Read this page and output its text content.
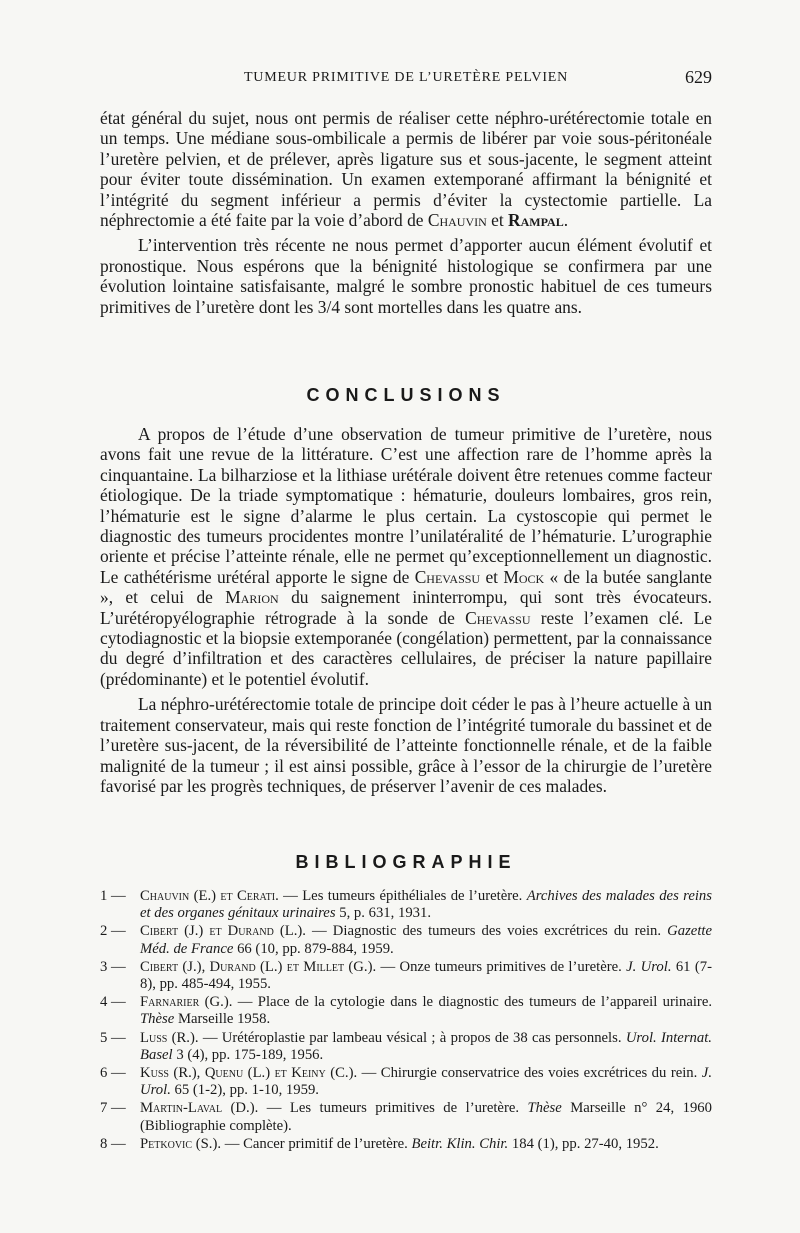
TUMEUR PRIMITIVE DE L’URETÈRE PELVIEN	629

état général du sujet, nous ont permis de réaliser cette néphro-urétérectomie totale en un temps. Une médiane sous-ombilicale a permis de libérer par voie sous-péritonéale l’uretère pelvien, et de prélever, après ligature sus et sous-jacente, le segment atteint pour éviter toute dissémination. Un examen extemporané affirmant la bénignité et l’intégrité du segment inférieur a permis d’éviter la cystectomie partielle. La néphrectomie a été faite par la voie d’abord de Chauvin et Rampal.

L’intervention très récente ne nous permet d’apporter aucun élément évolutif et pronostique. Nous espérons que la bénignité histologique se confirmera par une évolution lointaine satisfaisante, malgré le sombre pronostic habituel de ces tumeurs primitives de l’uretère dont les 3/4 sont mortelles dans les quatre ans.

CONCLUSIONS

A propos de l’étude d’une observation de tumeur primitive de l’uretère, nous avons fait une revue de la littérature. C’est une affection rare de l’homme après la cinquantaine. La bilharziose et la lithiase urétérale doivent être retenues comme facteur étiologique. De la triade symptomatique : hématurie, douleurs lombaires, gros rein, l’hématurie est le signe d’alarme le plus certain. La cystoscopie qui permet le diagnostic des tumeurs procidentes montre l’unilatéralité de l’hématurie. L’urographie oriente et précise l’atteinte rénale, elle ne permet qu’exceptionnellement un diagnostic. Le cathétérisme urétéral apporte le signe de Chevassu et Mock « de la butée sanglante », et celui de Marion du saignement ininterrompu, qui sont très évocateurs. L’urétéropyélographie rétrograde à la sonde de Chevassu reste l’examen clé. Le cytodiagnostic et la biopsie extemporanée (congélation) permettent, par la connaissance du degré d’infiltration et des caractères cellulaires, de préciser la nature papillaire (prédominante) et le potentiel évolutif.

La néphro-urétérectomie totale de principe doit céder le pas à l’heure actuelle à un traitement conservateur, mais qui reste fonction de l’intégrité tumorale du bassinet et de l’uretère sus-jacent, de la réversibilité de l’atteinte fonctionnelle rénale, et de la faible malignité de la tumeur ; il est ainsi possible, grâce à l’essor de la chirurgie de l’uretère favorisé par les progrès techniques, de préserver l’avenir de ces malades.

BIBLIOGRAPHIE
1 — Chauvin (E.) et Cerati. — Les tumeurs épithéliales de l’uretère. Archives des malades des reins et des organes génitaux urinaires 5, p. 631, 1931.
2 — Cibert (J.) et Durand (L.). — Diagnostic des tumeurs des voies excrétrices du rein. Gazette Méd. de France 66 (10, pp. 879-884, 1959.
3 — Cibert (J.), Durand (L.) et Millet (G.). — Onze tumeurs primitives de l’uretère. J. Urol. 61 (7-8), pp. 485-494, 1955.
4 — Farnarier (G.). — Place de la cytologie dans le diagnostic des tumeurs de l’appareil urinaire. Thèse Marseille 1958.
5 — Luss (R.). — Urétéroplastie par lambeau vésical ; à propos de 38 cas personnels. Urol. Internat. Basel 3 (4), pp. 175-189, 1956.
6 — Kuss (R.), Quenu (L.) et Keiny (C.). — Chirurgie conservatrice des voies excrétrices du rein. J. Urol. 65 (1-2), pp. 1-10, 1959.
7 — Martin-Laval (D.). — Les tumeurs primitives de l’uretère. Thèse Marseille n° 24, 1960 (Bibliographie complète).
8 — Petkovic (S.). — Cancer primitif de l’uretère. Beitr. Klin. Chir. 184 (1), pp. 27-40, 1952.
